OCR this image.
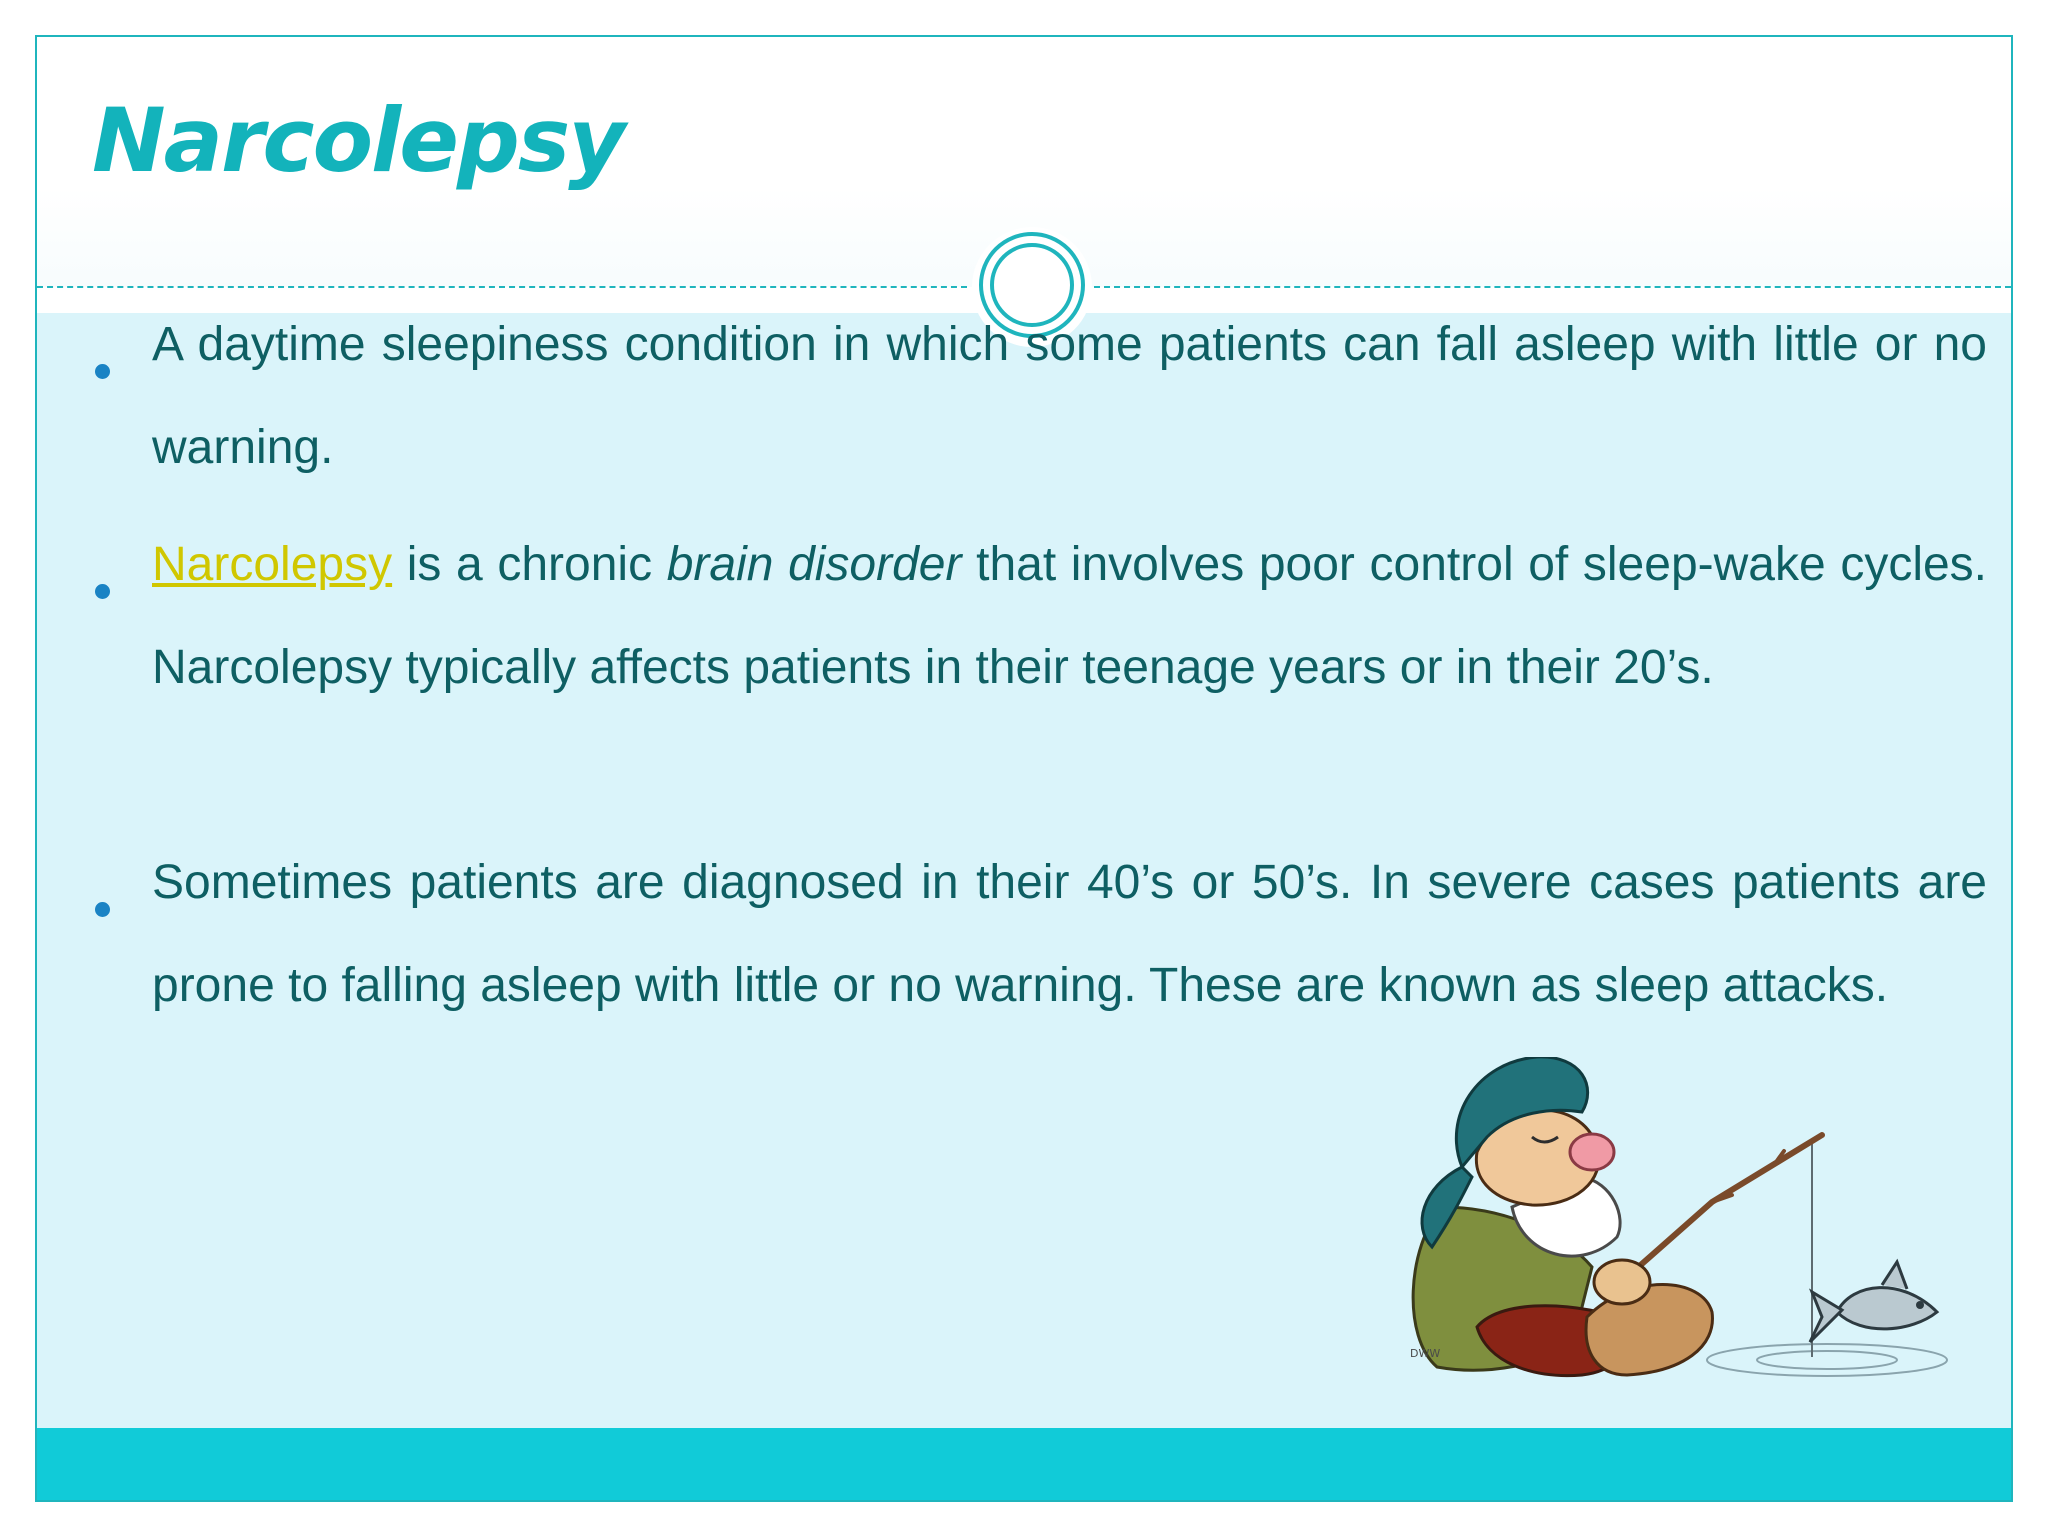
Narcolepsy
A daytime sleepiness condition in which some patients can fall asleep with little or no warning.
Narcolepsy is a chronic brain disorder that involves poor control of sleep-wake cycles. Narcolepsy typically affects patients in their teenage years or in their 20’s.
Sometimes patients are diagnosed in their 40’s or 50’s. In severe cases patients are prone to falling asleep with little or no warning. These are known as sleep attacks.
DWW
